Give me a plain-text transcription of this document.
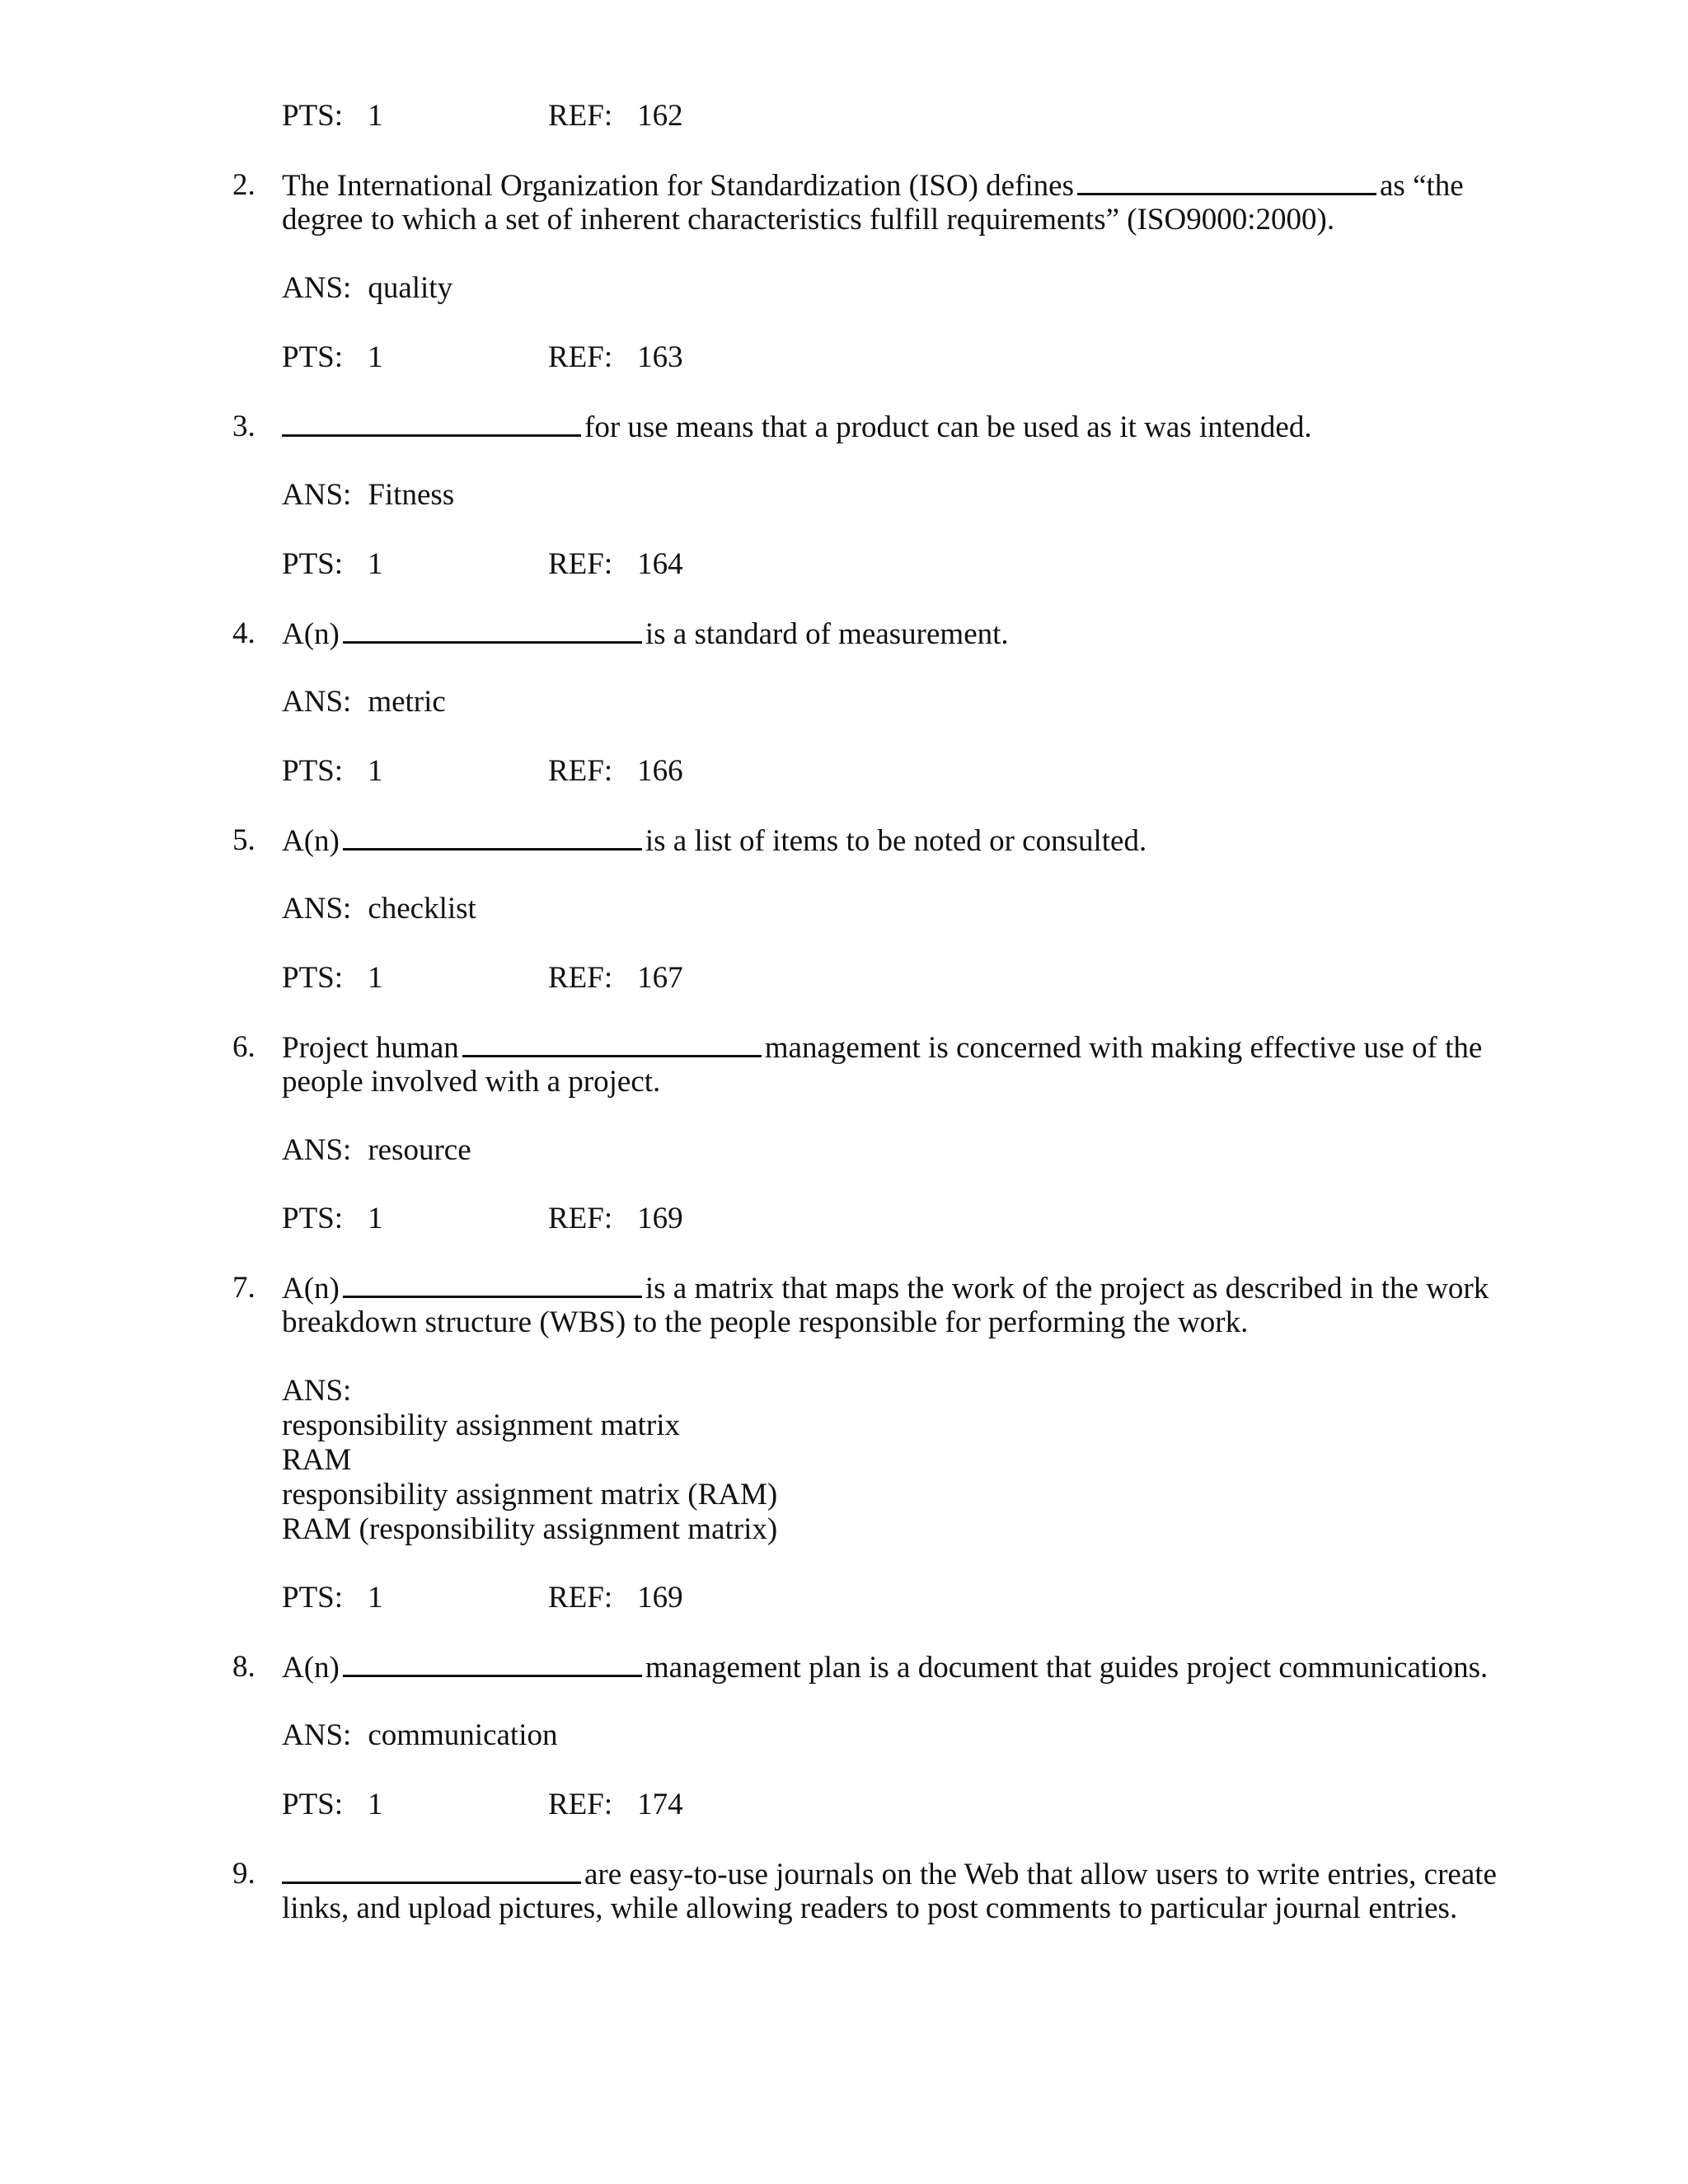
PTS: 1	REF: 162
2. The International Organization for Standardization (ISO) defines	as “the
degree to which a set of inherent characteristics fulfill requirements” (ISO9000:2000).
ANS: quality
PTS: 1	REF: 163
3.	for use means that a product can be used as it was intended.
ANS: Fitness
PTS: 1	REF: 164
4. A(n)	is a standard of measurement.
ANS: metric
PTS: 1	REF: 166
5. A(n)	is a list of items to be noted or consulted.
ANS: checklist
PTS: 1	REF: 167
6. Project human	management is concerned with making effective use of the
people involved with a project.
ANS: resource
PTS: 1	REF: 169
7. A(n)	is a matrix that maps the work of the project as described in the work
breakdown structure (WBS) to the people responsible for performing the work.
ANS:
responsibility assignment matrix
RAM
responsibility assignment matrix (RAM)
RAM (responsibility assignment matrix)
PTS: 1	REF: 169
8. A(n)	management plan is a document that guides project communications.
ANS: communication
PTS: 1	REF: 174
9.	are easy-to-use journals on the Web that allow users to write entries, create
links, and upload pictures, while allowing readers to post comments to particular journal entries.
